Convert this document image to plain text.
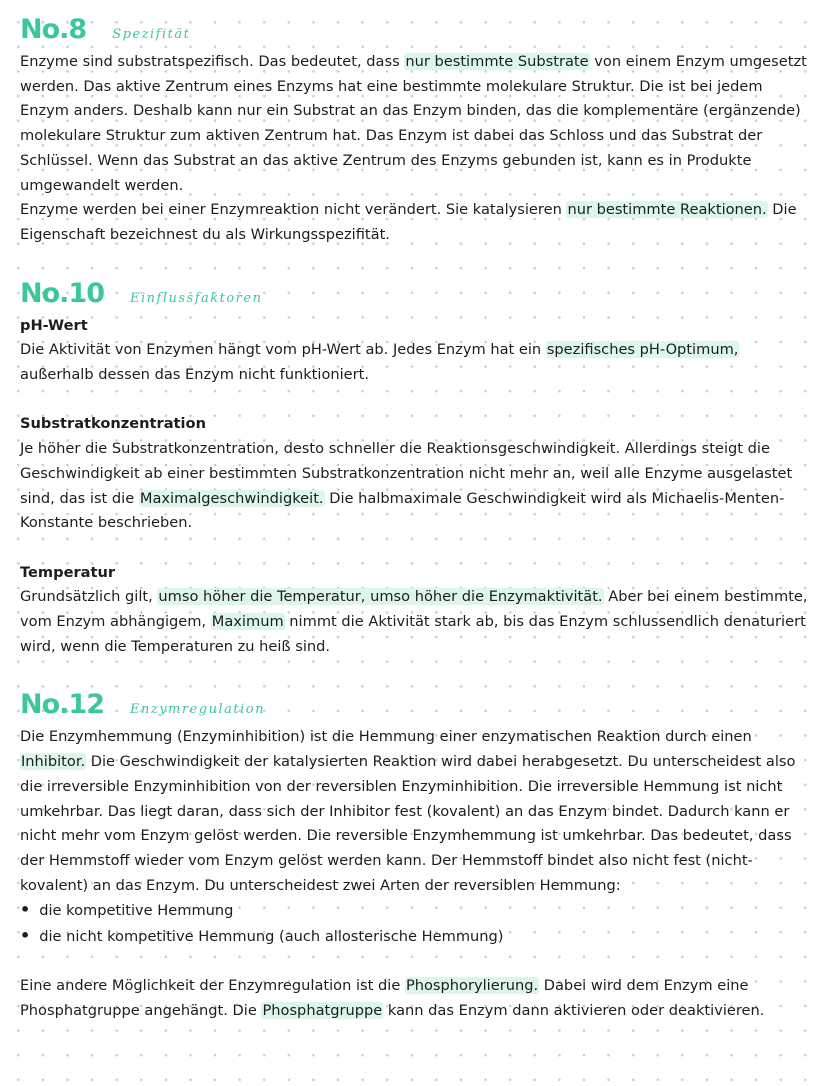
No.8 Spezifität

Enzyme sind substratspezifisch. Das bedeutet, dass nur bestimmte Substrate von einem Enzym umgesetzt werden. Das aktive Zentrum eines Enzyms hat eine bestimmte molekulare Struktur. Die ist bei jedem Enzym anders. Deshalb kann nur ein Substrat an das Enzym binden, das die komplementäre (ergänzende) molekulare Struktur zum aktiven Zentrum hat. Das Enzym ist dabei das Schloss und das Substrat der Schlüssel. Wenn das Substrat an das aktive Zentrum des Enzyms gebunden ist, kann es in Produkte umgewandelt werden.

Enzyme werden bei einer Enzymreaktion nicht verändert. Sie katalysieren nur bestimmte Reaktionen. Die Eigenschaft bezeichnest du als Wirkungsspezifität.

No.10 Einflussfaktoren

pH-Wert

Die Aktivität von Enzymen hängt vom pH-Wert ab. Jedes Enzym hat ein spezifisches pH-Optimum, außerhalb dessen das Enzym nicht funktioniert.

Substratkonzentration

Je höher die Substratkonzentration, desto schneller die Reaktionsgeschwindigkeit. Allerdings steigt die Geschwindigkeit ab einer bestimmten Substratkonzentration nicht mehr an, weil alle Enzyme ausgelastet sind, das ist die Maximalgeschwindigkeit. Die halbmaximale Geschwindigkeit wird als Michaelis-Menten-Konstante beschrieben.

Temperatur

Grundsätzlich gilt, umso höher die Temperatur, umso höher die Enzymaktivität. Aber bei einem bestimmte, vom Enzym abhängigem, Maximum nimmt die Aktivität stark ab, bis das Enzym schlussendlich denaturiert wird, wenn die Temperaturen zu heiß sind.

No.12 Enzymregulation

Die Enzymhemmung (Enzyminhibition) ist die Hemmung einer enzymatischen Reaktion durch einen Inhibitor. Die Geschwindigkeit der katalysierten Reaktion wird dabei herabgesetzt. Du unterscheidest also die irreversible Enzyminhibition von der reversiblen Enzyminhibition. Die irreversible Hemmung ist nicht umkehrbar. Das liegt daran, dass sich der Inhibitor fest (kovalent) an das Enzym bindet. Dadurch kann er nicht mehr vom Enzym gelöst werden. Die reversible Enzymhemmung ist umkehrbar. Das bedeutet, dass der Hemmstoff wieder vom Enzym gelöst werden kann. Der Hemmstoff bindet also nicht fest (nicht-kovalent) an das Enzym. Du unterscheidest zwei Arten der reversiblen Hemmung:

• die kompetitive Hemmung
• die nicht kompetitive Hemmung (auch allosterische Hemmung)

Eine andere Möglichkeit der Enzymregulation ist die Phosphorylierung. Dabei wird dem Enzym eine Phosphatgruppe angehängt. Die Phosphatgruppe kann das Enzym dann aktivieren oder deaktivieren.
